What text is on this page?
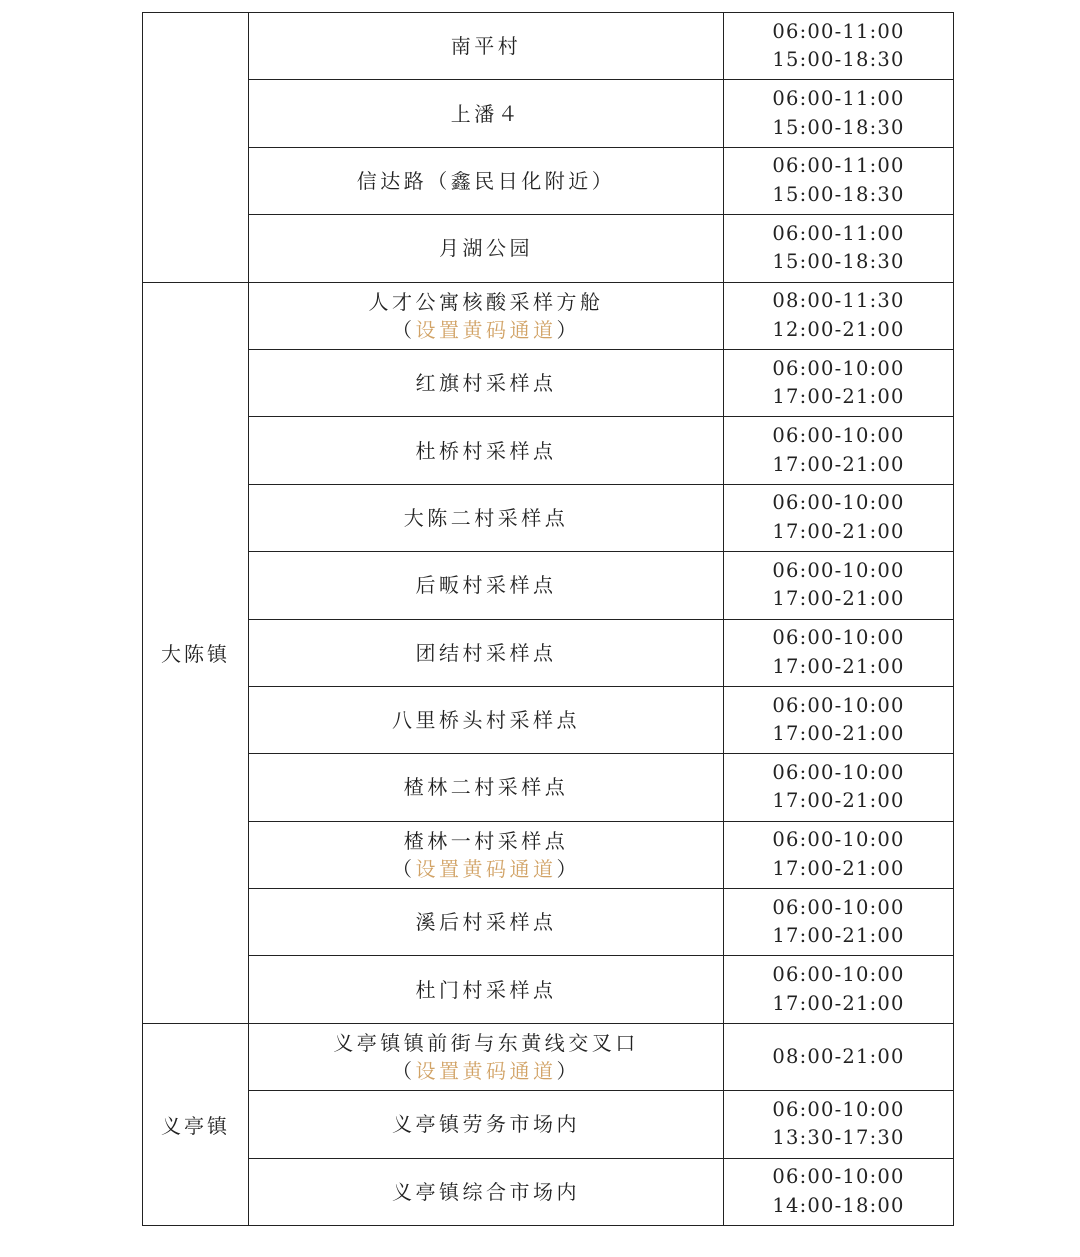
	南平村	06:00-11:00
15:00-18:30

	上潘４	06:00-11:00
15:00-18:30

	信达路（鑫民日化附近）	06:00-11:00
15:00-18:30

	月湖公园	06:00-11:00
15:00-18:30

大陈镇	人才公寓核酸采样方舱
（设置黄码通道）	08:00-11:30
12:00-21:00

	红旗村采样点	06:00-10:00
17:00-21:00

	杜桥村采样点	06:00-10:00
17:00-21:00

	大陈二村采样点	06:00-10:00
17:00-21:00

	后畈村采样点	06:00-10:00
17:00-21:00

	团结村采样点	06:00-10:00
17:00-21:00

	八里桥头村采样点	06:00-10:00
17:00-21:00

	楂林二村采样点	06:00-10:00
17:00-21:00

	楂林一村采样点
（设置黄码通道）	06:00-10:00
17:00-21:00

	溪后村采样点	06:00-10:00
17:00-21:00

	杜门村采样点	06:00-10:00
17:00-21:00

义亭镇	义亭镇镇前街与东黄线交叉口
（设置黄码通道）	08:00-21:00

	义亭镇劳务市场内	06:00-10:00
13:30-17:30

	义亭镇综合市场内	06:00-10:00
14:00-18:00
